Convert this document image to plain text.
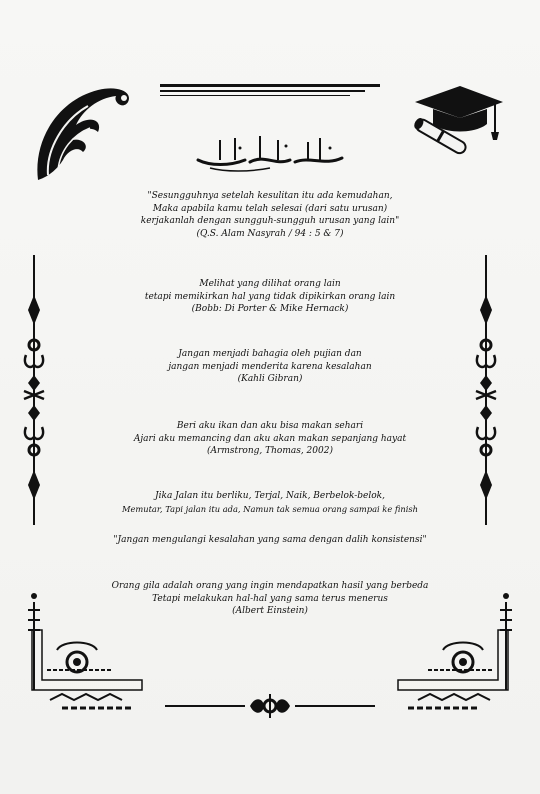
"Sesungguhnya setelah kesulitan itu ada kemudahan,
Maka apabila kamu telah selesai (dari satu urusan)
kerjakanlah dengan sungguh-sungguh urusan yang lain"
(Q.S. Alam Nasyrah / 94 : 5 & 7)
Melihat yang dilihat orang lain
tetapi memikirkan hal yang tidak dipikirkan orang lain
(Bobb: Di Porter & Mike Hernack)
Jangan menjadi bahagia oleh pujian dan
jangan menjadi menderita karena kesalahan
(Kahli Gibran)
Beri aku ikan dan aku bisa makan sehari
Ajari aku memancing dan aku akan makan sepanjang hayat
(Armstrong, Thomas, 2002)
Jika Jalan itu berliku, Terjal, Naik, Berbelok-belok,
Memutar, Tapi jalan itu ada, Namun tak semua orang sampai ke finish
"Jangan mengulangi kesalahan yang sama dengan dalih konsistensi"
Orang gila adalah orang yang ingin mendapatkan hasil yang berbeda
Tetapi melakukan hal-hal yang sama terus menerus
(Albert Einstein)
